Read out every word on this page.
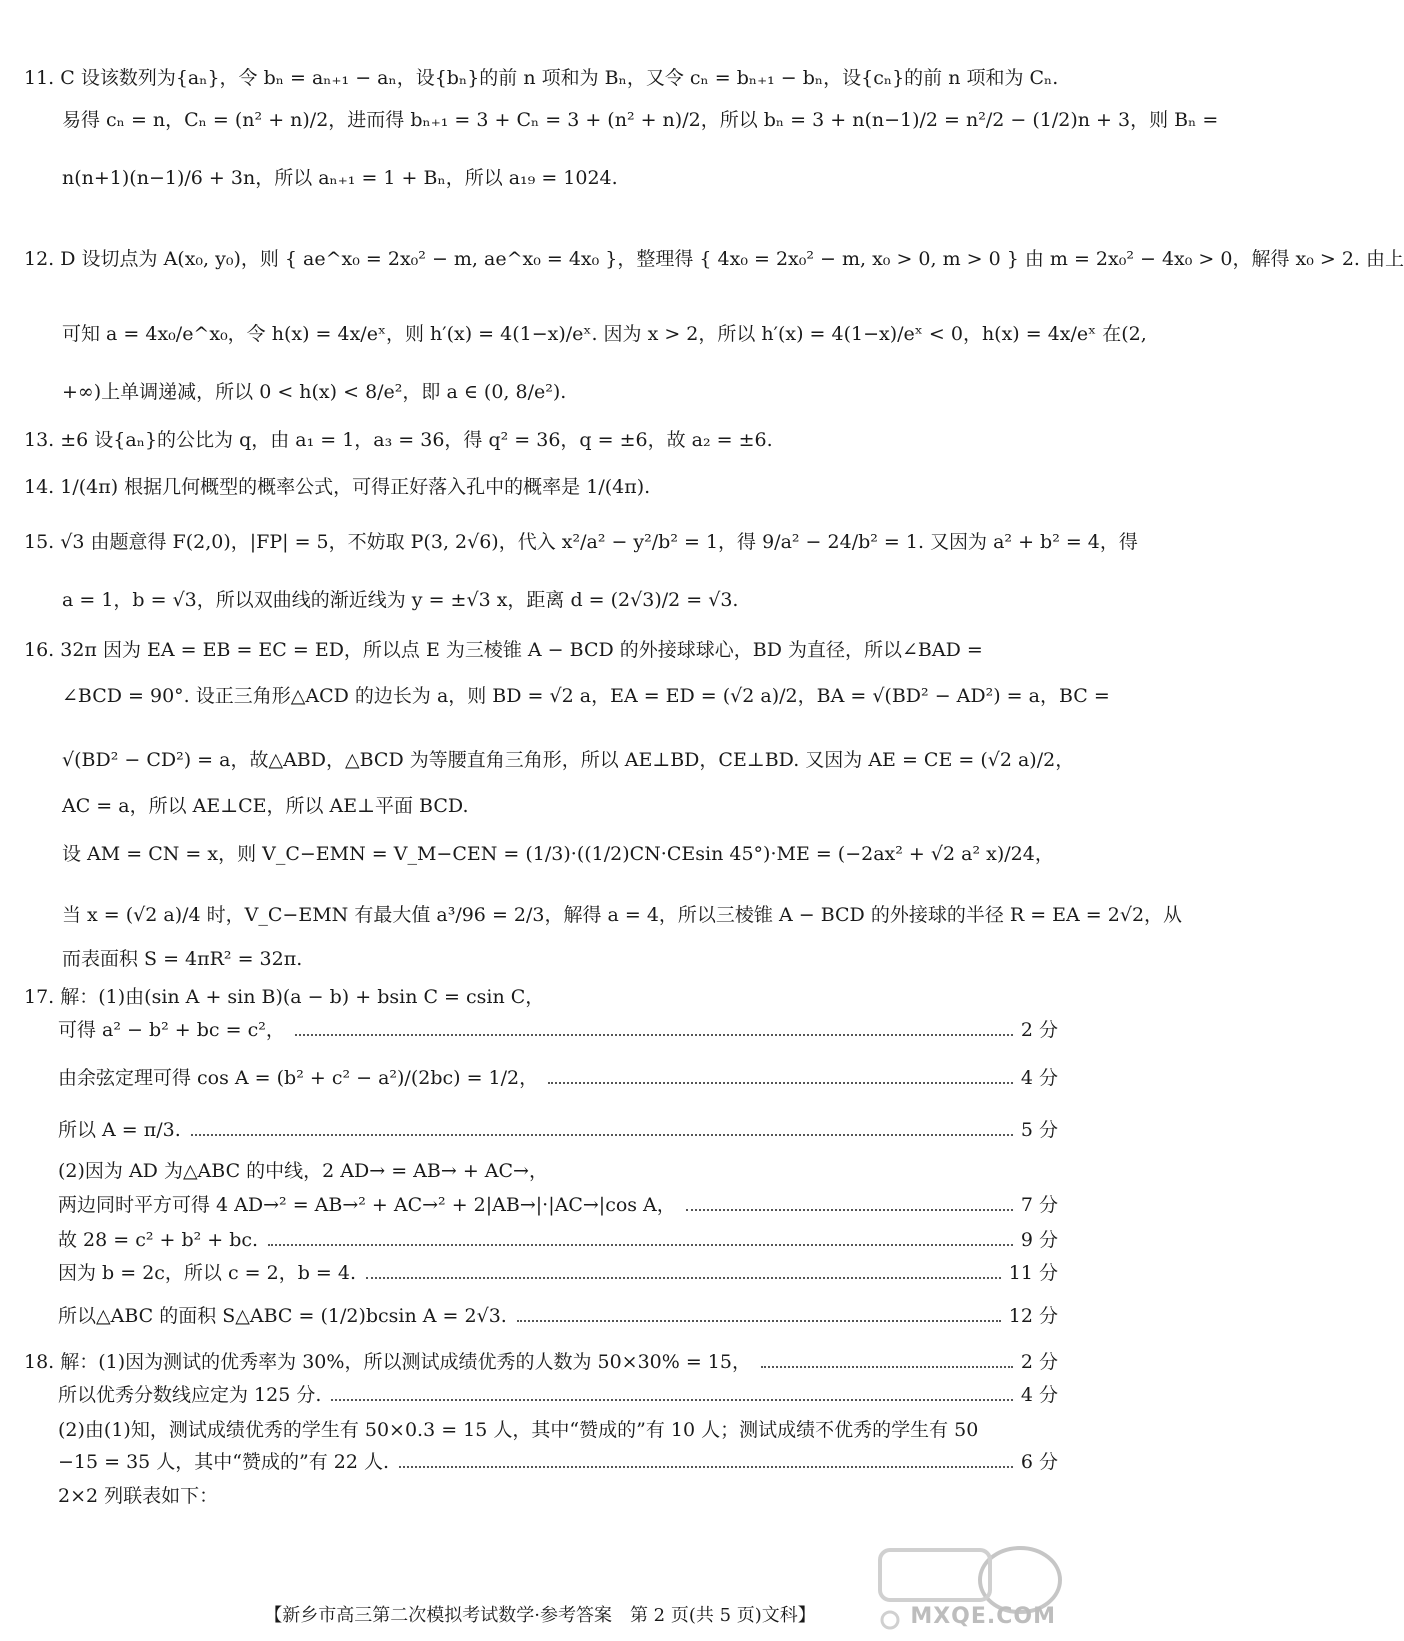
11. C 设该数列为{aₙ}，令 bₙ = aₙ₊₁ − aₙ，设{bₙ}的前 n 项和为 Bₙ，又令 cₙ = bₙ₊₁ − bₙ，设{cₙ}的前 n 项和为 Cₙ.
易得 cₙ = n，Cₙ = (n² + n)/2，进而得 bₙ₊₁ = 3 + Cₙ = 3 + (n² + n)/2，所以 bₙ = 3 + n(n−1)/2 = n²/2 − (1/2)n + 3，则 Bₙ =
n(n+1)(n−1)/6 + 3n，所以 aₙ₊₁ = 1 + Bₙ，所以 a₁₉ = 1024.
12. D 设切点为 A(x₀, y₀)，则 { ae^x₀ = 2x₀² − m, ae^x₀ = 4x₀ }，整理得 { 4x₀ = 2x₀² − m, x₀ > 0, m > 0 } 由 m = 2x₀² − 4x₀ > 0，解得 x₀ > 2. 由上
可知 a = 4x₀/e^x₀，令 h(x) = 4x/eˣ，则 h′(x) = 4(1−x)/eˣ. 因为 x > 2，所以 h′(x) = 4(1−x)/eˣ < 0，h(x) = 4x/eˣ 在(2,
+∞)上单调递减，所以 0 < h(x) < 8/e²，即 a ∈ (0, 8/e²).
13. ±6 设{aₙ}的公比为 q，由 a₁ = 1，a₃ = 36，得 q² = 36，q = ±6，故 a₂ = ±6.
14. 1/(4π) 根据几何概型的概率公式，可得正好落入孔中的概率是 1/(4π).
15. √3 由题意得 F(2,0)，|FP| = 5，不妨取 P(3, 2√6)，代入 x²/a² − y²/b² = 1，得 9/a² − 24/b² = 1. 又因为 a² + b² = 4，得
a = 1，b = √3，所以双曲线的渐近线为 y = ±√3 x，距离 d = (2√3)/2 = √3.
16. 32π 因为 EA = EB = EC = ED，所以点 E 为三棱锥 A − BCD 的外接球球心，BD 为直径，所以∠BAD =
∠BCD = 90°. 设正三角形△ACD 的边长为 a，则 BD = √2 a，EA = ED = (√2 a)/2，BA = √(BD² − AD²) = a，BC =
√(BD² − CD²) = a，故△ABD，△BCD 为等腰直角三角形，所以 AE⊥BD，CE⊥BD. 又因为 AE = CE = (√2 a)/2，
AC = a，所以 AE⊥CE，所以 AE⊥平面 BCD.
设 AM = CN = x，则 V_C−EMN = V_M−CEN = (1/3)·((1/2)CN·CEsin 45°)·ME = (−2ax² + √2 a² x)/24，
当 x = (√2 a)/4 时，V_C−EMN 有最大值 a³/96 = 2/3，解得 a = 4，所以三棱锥 A − BCD 的外接球的半径 R = EA = 2√2，从
而表面积 S = 4πR² = 32π.
17. 解：(1)由(sin A + sin B)(a − b) + bsin C = csin C，
可得 a² − b² + bc = c²，	2 分
由余弦定理可得 cos A = (b² + c² − a²)/(2bc) = 1/2，	4 分
所以 A = π/3.	5 分
(2)因为 AD 为△ABC 的中线，2 AD→ = AB→ + AC→，
两边同时平方可得 4 AD→² = AB→² + AC→² + 2|AB→|·|AC→|cos A，	7 分
故 28 = c² + b² + bc.	9 分
因为 b = 2c，所以 c = 2，b = 4.	11 分
所以△ABC 的面积 S△ABC = (1/2)bcsin A = 2√3.	12 分
18. 解：(1)因为测试的优秀率为 30%，所以测试成绩优秀的人数为 50×30% = 15，	2 分
所以优秀分数线应定为 125 分.	4 分
(2)由(1)知，测试成绩优秀的学生有 50×0.3 = 15 人，其中“赞成的”有 10 人；测试成绩不优秀的学生有 50
−15 = 35 人，其中“赞成的”有 22 人.	6 分
2×2 列联表如下：
MXQE.COM
【新乡市高三第二次模拟考试数学·参考答案　第 2 页(共 5 页)文科】
